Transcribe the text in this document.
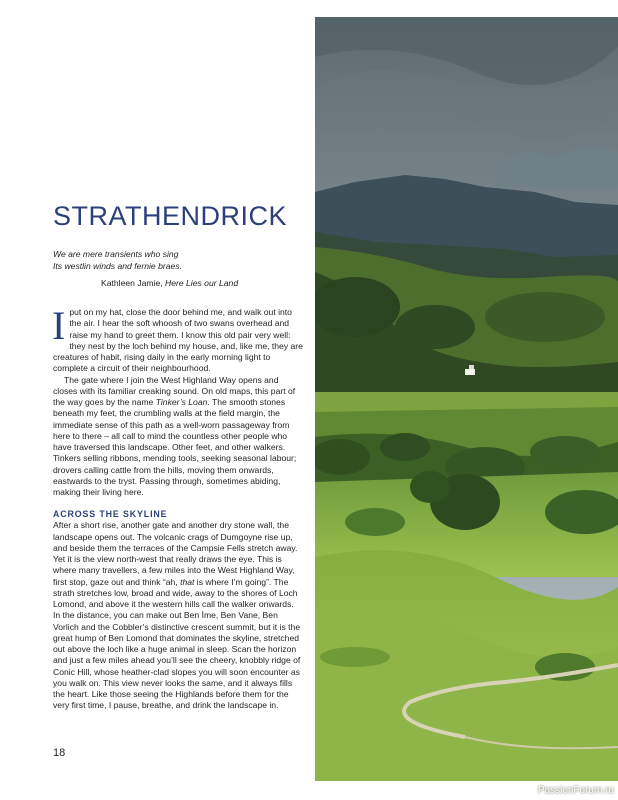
STRATHENDRICK
We are mere transients who sing
Its westlin winds and fernie braes.
Kathleen Jamie, Here Lies our Land

Iput on my hat, close the door behind me, and walk out into the air. I hear the soft whoosh of two swans overhead and raise my hand to greet them. I know this old pair very well: they nest by the loch behind my house, and, like me, they are creatures of habit, rising daily in the early morning light to complete a circuit of their neighbourhood.

The gate where I join the West Highland Way opens and closes with its familiar creaking sound. On old maps, this part of the way goes by the name Tinker’s Loan. The smooth stones beneath my feet, the crumbling walls at the field margin, the immediate sense of this path as a well-worn passageway from here to there – all call to mind the countless other people who have traversed this landscape. Other feet, and other walkers. Tinkers selling ribbons, mending tools, seeking seasonal labour; drovers calling cattle from the hills, moving them onwards, eastwards to the tryst. Passing through, sometimes abiding, making their living here.

ACROSS THE SKYLINE

After a short rise, another gate and another dry stone wall, the landscape opens out. The volcanic crags of Dumgoyne rise up, and beside them the terraces of the Campsie Fells stretch away. Yet it is the view north-west that really draws the eye. This is where many travellers, a few miles into the West Highland Way, first stop, gaze out and think “ah, that is where I’m going”. The strath stretches low, broad and wide, away to the shores of Loch Lomond, and above it the western hills call the walker onwards. In the distance, you can make out Ben Ìme, Ben Vane, Ben Vorlich and the Cobbler’s distinctive crescent summit, but it is the great hump of Ben Lomond that dominates the skyline, stretched out above the loch like a huge animal in sleep. Scan the horizon and just a few miles ahead you’ll see the cheery, knobbly ridge of Conic Hill, whose heather-clad slopes you will soon encounter as you walk on. This view never looks the same, and it always fills the heart. Like those seeing the Highlands before them for the very first time, I pause, breathe, and drink the landscape in.

18
PassionForum.ru
